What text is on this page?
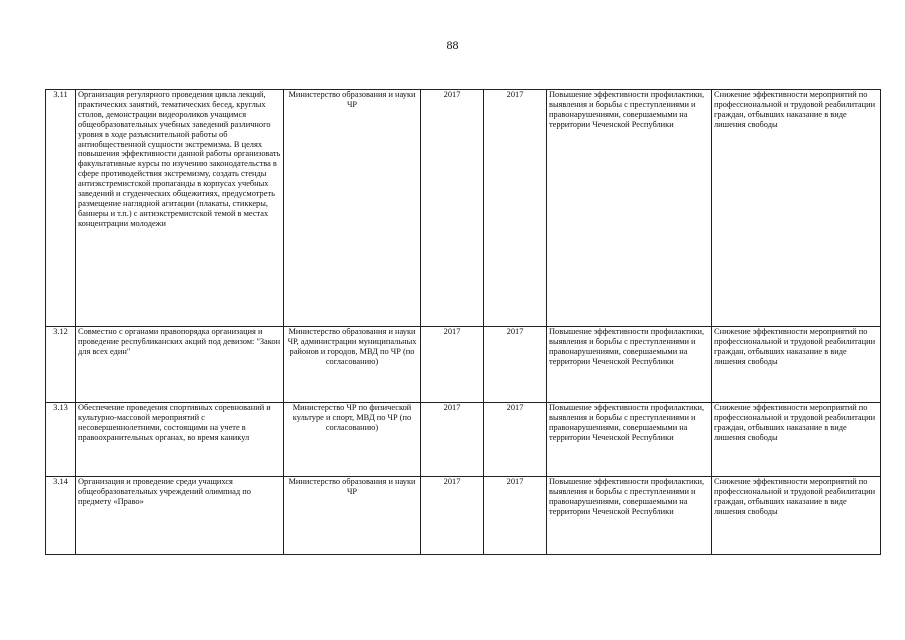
88
3.11	Организация регулярного проведения цикла лекций, практических занятий, тематических бесед, круглых столов, демонстрации видеороликов учащимся общеобразовательных учебных заведений различного уровня в ходе разъяснительной работы об антиобщественной сущности экстремизма. В целях повышения эффективности данной работы организовать факультативные курсы по изучению законодательства в сфере противодействия экстремизму, создать стенды антиэкстремистской пропаганды в корпусах учебных заведений и студенческих общежитиях, предусмотреть размещение наглядной агитации (плакаты, стиккеры, баннеры и т.п.) с антиэкстремистской темой в местах концентрации молодежи	Министерство образования и науки ЧР	2017	2017	Повышение эффективности профилактики, выявления и борьбы с преступлениями и правонарушениями, совершаемыми на территории Чеченской Республики	Снижение эффективности мероприятий по профессиональной и трудовой реабилитации граждан, отбывших наказание в виде лишения свободы
3.12	Совместно с органами правопорядка организация и проведение республиканских акций под девизом: "Закон для всех един"	Министерство образования и науки ЧР, администрации муниципальных районов и городов, МВД по ЧР (по согласованию)	2017	2017	Повышение эффективности профилактики, выявления и борьбы с преступлениями и правонарушениями, совершаемыми на территории Чеченской Республики	Снижение эффективности мероприятий по профессиональной и трудовой реабилитации граждан, отбывших наказание в виде лишения свободы
3.13	Обеспечение проведения спортивных соревнований и культурно-массовой мероприятий с несовершеннолетними, состоящими на учете в правоохранительных органах, во время каникул	Министерство ЧР по физической культуре и спорт, МВД по ЧР (по согласованию)	2017	2017	Повышение эффективности профилактики, выявления и борьбы с преступлениями и правонарушениями, совершаемыми на территории Чеченской Республики	Снижение эффективности мероприятий по профессиональной и трудовой реабилитации граждан, отбывших наказание в виде лишения свободы
3.14	Организация и проведение среди учащихся общеобразовательных учреждений олимпиад по предмету «Право»	Министерство образования и науки ЧР	2017	2017	Повышение эффективности профилактики, выявления и борьбы с преступлениями и правонарушениями, совершаемыми на территории Чеченской Республики	Снижение эффективности мероприятий по профессиональной и трудовой реабилитации граждан, отбывших наказание в виде лишения свободы
